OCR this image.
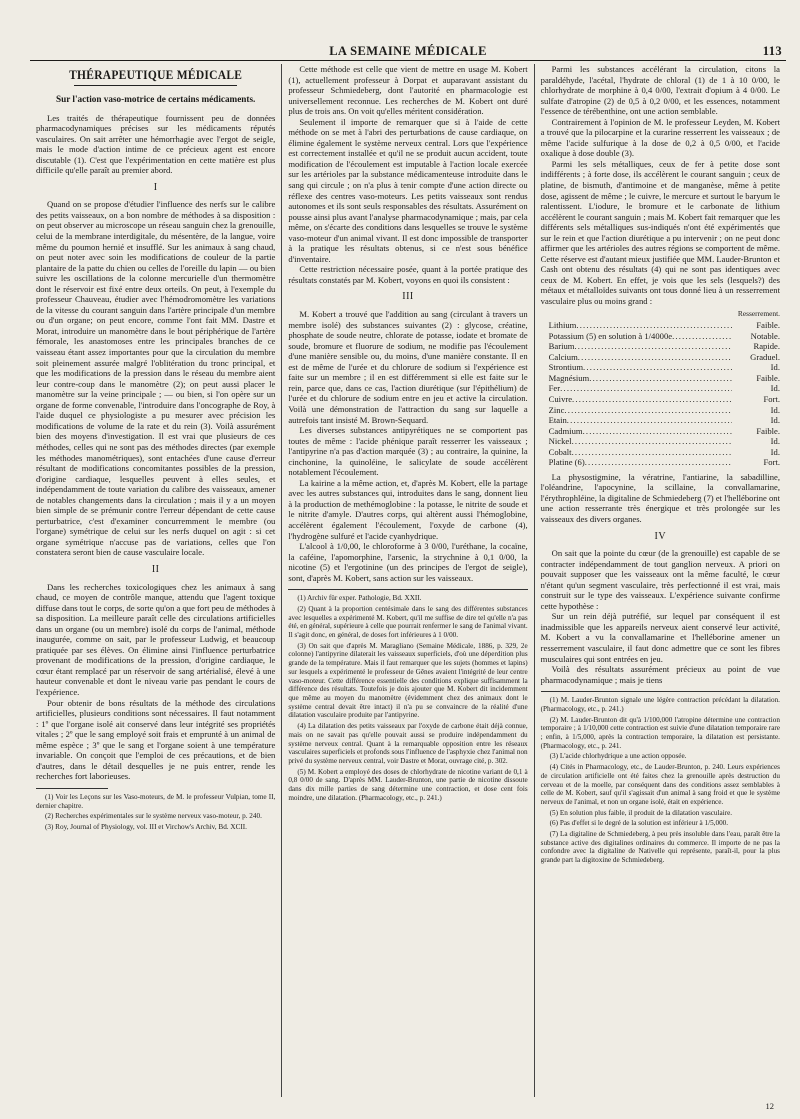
LA SEMAINE MÉDICALE	113
THÉRAPEUTIQUE MÉDICALE
Sur l'action vaso-motrice de certains médicaments.

Les traités de thérapeutique fournissent peu de données pharmacodynamiques précises sur les médicaments réputés vasculaires. On sait arrêter une hémorrhagie avec l'ergot de seigle, mais le mode d'action intime de ce précieux agent est encore discutable (1). C'est que l'expérimentation en cette matière est plus difficile qu'elle paraît au premier abord.

I

Quand on se propose d'étudier l'influence des nerfs sur le calibre des petits vaisseaux, on a bon nombre de méthodes à sa disposition : on peut observer au microscope un réseau sanguin chez la grenouille, celui de la membrane interdigitale, du mésentère, de la langue, voire même du poumon hernié et insufflé. Sur les animaux à sang chaud, on peut noter avec soin les modifications de couleur de la partie plantaire de la patte du chien ou celles de l'oreille du lapin — ou bien suivre les oscillations de la colonne mercurielle d'un thermomètre dont le réservoir est fixé entre deux orteils. On peut, à l'exemple du professeur Chauveau, étudier avec l'hémodromomètre les variations de la vitesse du courant sanguin dans l'artère principale d'un membre ou d'un organe; on peut encore, comme l'ont fait MM. Dastre et Morat, introduire un manomètre dans le bout périphérique de l'artère fémorale, les anastomoses entre les principales branches de ce vaisseau étant assez importantes pour que la circulation du membre soit pleinement assurée malgré l'oblitération du tronc principal, et que les modifications de la pression dans le réseau du membre aient leur contre-coup dans le manomètre (2); on peut aussi placer le manomètre sur la veine principale ; — ou bien, si l'on opère sur un organe de forme convenable, l'introduire dans l'oncographe de Roy, à l'aide duquel ce physiologiste a pu mesurer avec précision les modifications de volume de la rate et du rein (3). Voilà assurément bien des moyens d'investigation. Il est vrai que plusieurs de ces méthodes, celles qui ne sont pas des méthodes directes (par exemple les méthodes manométriques), sont entachées d'une cause d'erreur résultant de modifications concomitantes possibles de la pression, d'origine cardiaque, lesquelles peuvent à elles seules, et indépendamment de toute variation du calibre des vaisseaux, amener de notables changements dans la circulation ; mais il y a un moyen bien simple de se prémunir contre l'erreur dépendant de cette cause perturbatrice, c'est d'examiner concurremment le membre (ou l'organe) symétrique de celui sur les nerfs duquel on agit : si cet organe symétrique n'accuse pas de variations, celles que l'on constatera seront bien de cause vasculaire locale.

II

Dans les recherches toxicologiques chez les animaux à sang chaud, ce moyen de contrôle manque, attendu que l'agent toxique diffuse dans tout le corps, de sorte qu'on a que fort peu de méthodes à sa disposition. La meilleure paraît celle des circulations artificielles dans un organe (ou un membre) isolé du corps de l'animal, méthode inaugurée, comme on sait, par le professeur Ludwig, et beaucoup pratiquée par ses élèves. On élimine ainsi l'influence perturbatrice provenant de modifications de la pression, d'origine cardiaque, le cœur étant remplacé par un réservoir de sang artérialisé, élevé à une hauteur convenable et dont le niveau varie pas pendant le cours de l'expérience.

Pour obtenir de bons résultats de la méthode des circulations artificielles, plusieurs conditions sont nécessaires. Il faut notamment : 1º que l'organe isolé ait conservé dans leur intégrité ses propriétés vitales ; 2º que le sang employé soit frais et emprunté à un animal de même espèce ; 3º que le sang et l'organe soient à une température invariable. On conçoit que l'emploi de ces précautions, et de bien d'autres, dans le détail desquelles je ne puis entrer, rende les recherches fort laborieuses.

(1) Voir les Leçons sur les Vaso-moteurs, de M. le professeur Vulpian, tome II, dernier chapitre.
(2) Recherches expérimentales sur le système nerveux vaso-moteur, p. 240.
(3) Roy, Journal of Physiology, vol. III et Virchow's Archiv, Bd. XCII.

Cette méthode est celle que vient de mettre en usage M. Kobert (1), actuellement professeur à Dorpat et auparavant assistant du professeur Schmiedeberg, dont l'autorité en pharmacologie est universellement reconnue. Les recherches de M. Kobert ont duré plus de trois ans. On voit qu'elles méritent considération.

Seulement il importe de remarquer que si à l'aide de cette méthode on se met à l'abri des perturbations de cause cardiaque, on élimine également le système nerveux central. Lors que l'expérience est correctement installée et qu'il ne se produit aucun accident, toute modification de l'écoulement est imputable à l'action locale exercée sur les artérioles par la substance médicamenteuse introduite dans le sang qui circule ; on n'a plus à tenir compte d'une action directe ou réflexe des centres vaso-moteurs. Les petits vaisseaux sont rendus autonomes et ils sont seuls responsables des résultats. Assurément on pousse ainsi plus avant l'analyse pharmacodynamique ; mais, par cela même, on s'écarte des conditions dans lesquelles se trouve le système vaso-moteur d'un animal vivant. Il est donc impossible de transporter à la pratique les résultats obtenus, si ce n'est sous bénéfice d'inventaire.

Cette restriction nécessaire posée, quant à la portée pratique des résultats constatés par M. Kobert, voyons en quoi ils consistent :

III

M. Kobert a trouvé que l'addition au sang (circulant à travers un membre isolé) des substances suivantes (2) : glycose, créatine, phosphate de soude neutre, chlorate de potasse, iodate et bromate de soude, bromure et fluorure de sodium, ne modifie pas l'écoulement d'une manière sensible ou, du moins, d'une manière constante. Il en est de même de l'urée et du chlorure de sodium si l'expérience est faite sur un membre ; il en est différemment si elle est faite sur le rein, parce que, dans ce cas, l'action diurétique (sur l'épithélium) de l'urée et du chlorure de sodium entre en jeu et active la circulation. Voilà une démonstration de l'attraction du sang sur laquelle a autrefois tant insisté M. Brown-Sequard.

Les diverses substances antipyrétiques ne se comportent pas toutes de même : l'acide phénique paraît resserrer les vaisseaux ; l'antipyrine n'a pas d'action marquée (3) ; au contraire, la quinine, la cinchonine, la quinoléine, le salicylate de soude accélèrent notablement l'écoulement.

La kairine a la même action, et, d'après M. Kobert, elle la partage avec les autres substances qui, introduites dans le sang, donnent lieu à la production de methémoglobine : la potasse, le nitrite de soude et le nitrite d'amyle. D'autres corps, qui altèrent aussi l'hémoglobine, accélèrent également l'écoulement, l'oxyde de carbone (4), l'hydrogène sulfuré et l'acide cyanhydrique.

L'alcool à 1/0,00, le chloroforme à 3 0/00, l'uréthane, la cocaïne, la caféine, l'apomorphine, l'arsenic, la strychnine à 0,1 0/00, la nicotine (5) et l'ergotinine (un des principes de l'ergot de seigle), sont, d'après M. Kobert, sans action sur les vaisseaux.

(1) Archiv für exper. Pathologie, Bd. XXII.
(2) Quant à la proportion centésimale dans le sang des différentes substances avec lesquelles a expérimenté M. Kobert, qu'il me suffise de dire tel qu'elle n'a pas été, en général, supérieure à celle que pourrait renfermer le sang de l'animal vivant. Il s'agit donc, en général, de doses fort inférieures à 1 0/00.
(3) On sait que d'après M. Maragliano (Semaine Médicale, 1886, p. 329, 2e colonne) l'antipyrine dilaterait les vaisseaux superficiels, d'où une déperdition plus grande de la température. Mais il faut remarquer que les sujets (hommes et lapins) sur lesquels a expérimenté le professeur de Gênes avaient l'intégrité de leur centre vaso-moteur. Cette différence essentielle des conditions explique suffisamment la différence des résultats. Toutefois je dois ajouter que M. Kobert dit incidemment que même au moyen du manomètre (évidemment chez des animaux dont le système central devait être intact) il n'a pu se convaincre de la réalité d'une dilatation vasculaire produite par l'antipyrine.
(4) La dilatation des petits vaisseaux par l'oxyde de carbone était déjà connue, mais on ne savait pas qu'elle pouvait aussi se produire indépendamment du système nerveux central. Quant à la remarquable opposition entre les réseaux vasculaires superficiels et profonds sous l'influence de l'asphyxie chez l'animal non privé du système nerveux central, voir Dastre et Morat, ouvrage cité, p. 302.
(5) M. Kobert a employé des doses de chlorhydrate de nicotine variant de 0,1 à 0,8 0/00 de sang. D'après MM. Lauder-Brunton, une partie de nicotine dissoute dans dix mille parties de sang détermine une contraction, et dose cent fois moindre, une dilatation. (Pharmacology, etc., p. 241.)

Parmi les substances accélérant la circulation, citons la paraldéhyde, l'acétal, l'hydrate de chloral (1) de 1 à 10 0/00, le chlorhydrate de morphine à 0,4 0/00, l'extrait d'opium à 4 0/00. Le sulfate d'atropine (2) de 0,5 à 0,2 0/00, et les essences, notamment l'essence de térébenthine, ont une action semblable.

Contrairement à l'opinion de M. le professeur Leyden, M. Kobert a trouvé que la pilocarpine et la curarine resserrent les vaisseaux ; de même l'acide sulfurique à la dose de 0,2 à 0,5 0/00, et l'acide oxalique à dose double (3).

Parmi les sels métalliques, ceux de fer à petite dose sont indifférents ; à forte dose, ils accélèrent le courant sanguin ; ceux de platine, de bismuth, d'antimoine et de manganèse, même à petite dose, agissent de même ; le cuivre, le mercure et surtout le baryum le ralentissent. L'iodure, le bromure et le carbonate de lithium accélèrent le courant sanguin ; mais M. Kobert fait remarquer que les différents sels métalliques sus-indiqués n'ont été expérimentés que sur le rein et que l'action diurétique a pu intervenir ; on ne peut donc affirmer que les artérioles des autres régions se comportent de même. Cette réserve est d'autant mieux justifiée que MM. Lauder-Brunton et Cash ont obtenu des résultats (4) qui ne sont pas identiques avec ceux de M. Kobert. En effet, je vois que les sels (lesquels?) des métaux et métalloïdes suivants ont tous donné lieu à un resserrement vasculaire plus ou moins grand :

Resserrement.
Lithium .....	Faible.
Potassium (5) en solution à 1/4000e .....	Notable.
Barium .....	Rapide.
Calcium .....	Graduel.
Strontium .....	Id.
Magnésium .....	Faible.
Fer .....	Id.
Cuivre .....	Fort.
Zinc .....	Id.
Etain .....	Id.
Cadmium .....	Faible.
Nickel .....	Id.
Cobalt .....	Id.
Platine (6) .....	Fort.

La physostigmine, la vératrine, l'antiarine, la sabadilline, l'oléandrine, l'apocynine, la scillaine, la convallamarine, l'érythrophléine, la digitaline de Schmiedeberg (7) et l'helléborine ont une action resserrante très énergique et très prolongée sur les vaisseaux des divers organes.

IV

On sait que la pointe du cœur (de la grenouille) est capable de se contracter indépendamment de tout ganglion nerveux. A priori on pouvait supposer que les vaisseaux ont la même faculté, le cœur n'étant qu'un segment vasculaire, très perfectionné il est vrai, mais construit sur le type des vaisseaux. L'expérience suivante confirme cette hypothèse :

Sur un rein déjà putréfié, sur lequel par conséquent il est inadmissible que les appareils nerveux aient conservé leur activité, M. Kobert a vu la convallamarine et l'helléborine amener un resserrement vasculaire, il faut donc admettre que ce sont les fibres musculaires qui sont entrées en jeu.

Voilà des résultats assurément précieux au point de vue pharmacodynamique ; mais je tiens

(1) M. Lauder-Brunton signale une légère contraction précédant la dilatation. (Pharmacology, etc., p. 241.)
(2) M. Lauder-Brunton dit qu'à 1/100,000 l'atropine détermine une contraction temporaire ; à 1/10,000 cette contraction est suivie d'une dilatation temporaire rare ; enfin, à 1/5,000, après la contraction temporaire, la dilatation est persistante. (Pharmacology, etc., p. 241.
(3) L'acide chlorhydrique a une action opposée.
(4) Cités in Pharmacology, etc., de Lauder-Brunton, p. 240. Leurs expériences de circulation artificielle ont été faites chez la grenouille après destruction du cerveau et de la moelle, par conséquent dans des conditions assez semblables à celle de M. Kobert, sauf qu'il s'agissait d'un animal à sang froid et que le système nerveux de l'animal, et non un organe isolé, était en expérience.
(5) En solution plus faible, il produit de la dilatation vasculaire.
(6) Pas d'effet si le degré de la solution est inférieur à 1/5,000.
(7) La digitaline de Schmiedeberg, à peu près insoluble dans l'eau, paraît être la substance active des digitalines ordinaires du commerce. Il importe de ne pas la confondre avec la digitaline de Nativelle qui représente, paraît-il, pour la plus grande part la digitoxine de Schmiedeberg.
12
